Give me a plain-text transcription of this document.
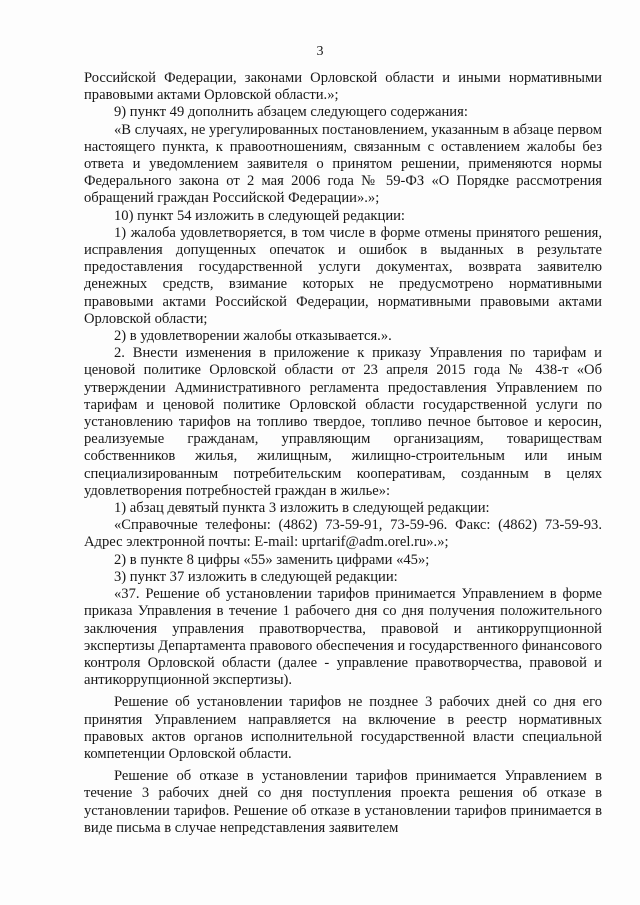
3

Российской Федерации, законами Орловской области и иными нормативными правовыми актами Орловской области.»;

9) пункт 49 дополнить абзацем следующего содержания:

«В случаях, не урегулированных постановлением, указанным в абзаце первом настоящего пункта, к правоотношениям, связанным с оставлением жалобы без ответа и уведомлением заявителя о принятом решении, применяются нормы Федерального закона от 2 мая 2006 года № 59-ФЗ «О Порядке рассмотрения обращений граждан Российской Федерации».»;

10) пункт 54 изложить в следующей редакции:

1) жалоба удовлетворяется, в том числе в форме отмены принятого решения, исправления допущенных опечаток и ошибок в выданных в результате предоставления государственной услуги документах, возврата заявителю денежных средств, взимание которых не предусмотрено нормативными правовыми актами Российской Федерации, нормативными правовыми актами Орловской области;

2) в удовлетворении жалобы отказывается.».

2. Внести изменения в приложение к приказу Управления по тарифам и ценовой политике Орловской области от 23 апреля 2015 года № 438-т «Об утверждении Административного регламента предоставления Управлением по тарифам и ценовой политике Орловской области государственной услуги по установлению тарифов на топливо твердое, топливо печное бытовое и керосин, реализуемые гражданам, управляющим организациям, товариществам собственников жилья, жилищным, жилищно-строительным или иным специализированным потребительским кооперативам, созданным в целях удовлетворения потребностей граждан в жилье»:

1) абзац девятый пункта 3 изложить в следующей редакции:

«Справочные телефоны: (4862) 73-59-91, 73-59-96. Факс: (4862) 73-59-93. Адрес электронной почты: E-mail: uprtarif@adm.orel.ru».»;

2) в пункте 8 цифры «55» заменить цифрами «45»;

3) пункт 37 изложить в следующей редакции:

«37. Решение об установлении тарифов принимается Управлением в форме приказа Управления в течение 1 рабочего дня со дня получения положительного заключения управления правотворчества, правовой и антикоррупционной экспертизы Департамента правового обеспечения и государственного финансового контроля Орловской области (далее - управление правотворчества, правовой и антикоррупционной экспертизы).

Решение об установлении тарифов не позднее 3 рабочих дней со дня его принятия Управлением направляется на включение в реестр нормативных правовых актов органов исполнительной государственной власти специальной компетенции Орловской области.

Решение об отказе в установлении тарифов принимается Управлением в течение 3 рабочих дней со дня поступления проекта решения об отказе в установлении тарифов. Решение об отказе в установлении тарифов принимается в виде письма в случае непредставления заявителем
